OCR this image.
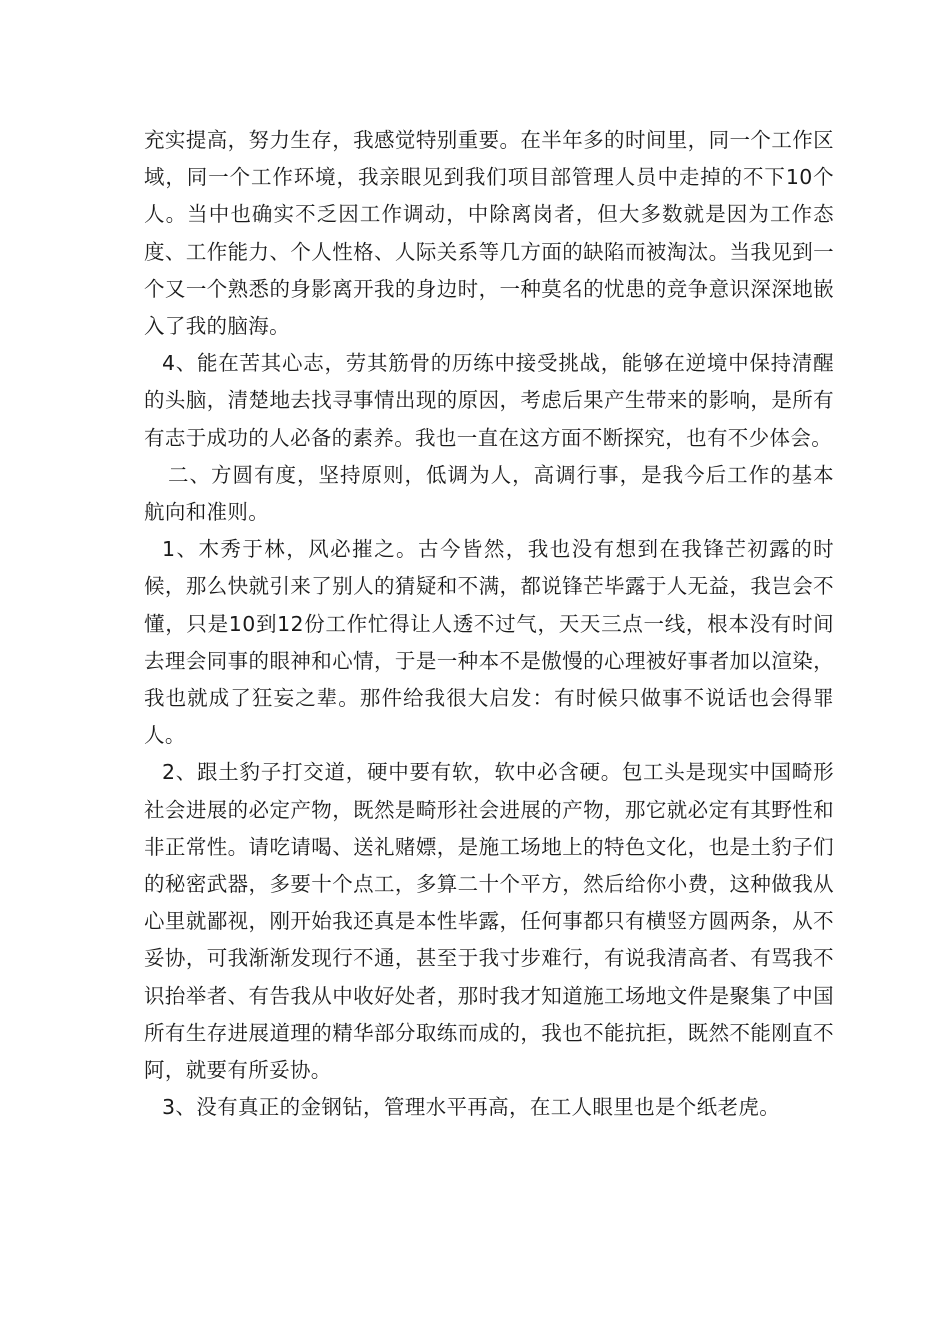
充实提高，努力生存，我感觉特别重要。在半年多的时间里，同一个工作区域，同一个工作环境，我亲眼见到我们项目部管理人员中走掉的不下10个人。当中也确实不乏因工作调动，中除离岗者，但大多数就是因为工作态度、工作能力、个人性格、人际关系等几方面的缺陷而被淘汰。当我见到一个又一个熟悉的身影离开我的身边时，一种莫名的忧患的竞争意识深深地嵌入了我的脑海。

4、能在苦其心志，劳其筋骨的历练中接受挑战，能够在逆境中保持清醒的头脑，清楚地去找寻事情出现的原因，考虑后果产生带来的影响，是所有有志于成功的人必备的素养。我也一直在这方面不断探究，也有不少体会。

二、方圆有度，坚持原则，低调为人，高调行事，是我今后工作的基本航向和准则。

1、木秀于林，风必摧之。古今皆然，我也没有想到在我锋芒初露的时候，那么快就引来了别人的猜疑和不满，都说锋芒毕露于人无益，我岂会不懂，只是10到12份工作忙得让人透不过气，天天三点一线，根本没有时间去理会同事的眼神和心情，于是一种本不是傲慢的心理被好事者加以渲染，我也就成了狂妄之辈。那件给我很大启发：有时候只做事不说话也会得罪人。

2、跟土豹子打交道，硬中要有软，软中必含硬。包工头是现实中国畸形社会进展的必定产物，既然是畸形社会进展的产物，那它就必定有其野性和非正常性。请吃请喝、送礼赌嫖，是施工场地上的特色文化，也是土豹子们的秘密武器，多要十个点工，多算二十个平方，然后给你小费，这种做我从心里就鄙视，刚开始我还真是本性毕露，任何事都只有横竖方圆两条，从不妥协，可我渐渐发现行不通，甚至于我寸步难行，有说我清高者、有骂我不识抬举者、有告我从中收好处者，那时我才知道施工场地文件是聚集了中国所有生存进展道理的精华部分取练而成的，我也不能抗拒，既然不能刚直不阿，就要有所妥协。

3、没有真正的金钢钻，管理水平再高，在工人眼里也是个纸老虎。
